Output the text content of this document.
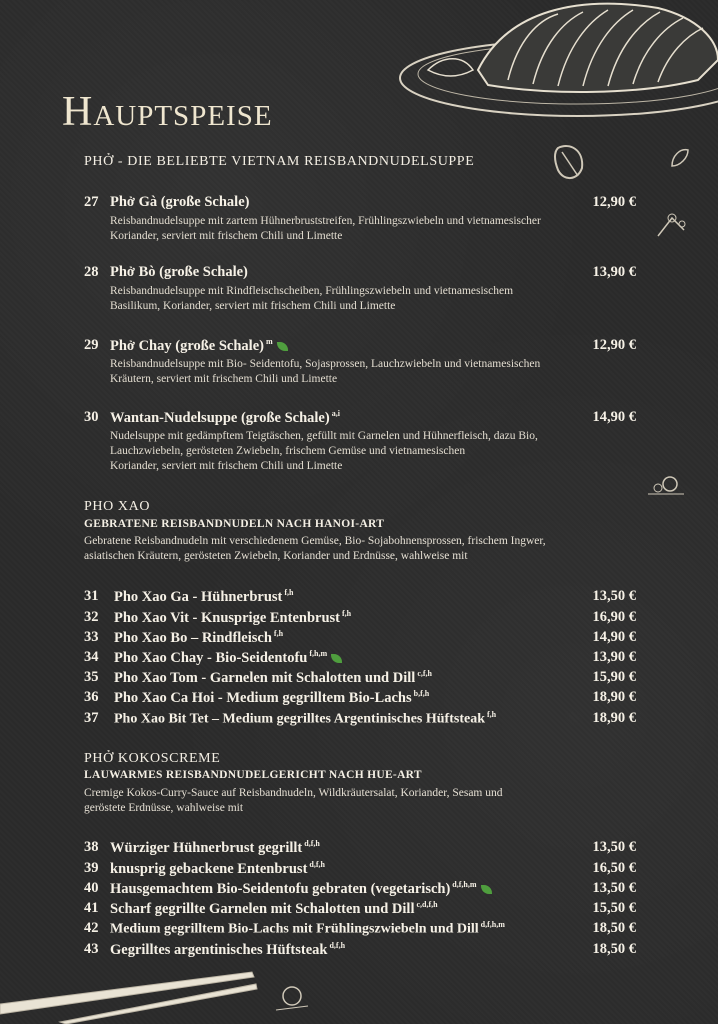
Hauptspeise
PHỞ - DIE BELIEBTE VIETNAM REISBANDNUDELSUPPE
27 Phở Gà (große Schale)	12,90 €
Reisbandnudelsuppe mit zartem Hühnerbruststreifen, Frühlingszwiebeln und vietnamesischer
Koriander, serviert mit frischem Chili und Limette
28 Phở Bò (große Schale)	13,90 €
Reisbandnudelsuppe mit Rindfleischscheiben, Frühlingszwiebeln und vietnamesischem
Basilikum, Koriander, serviert mit frischem Chili und Limette
29 Phở Chay (große Schale) $^m$	12,90 €
Reisbandnudelsuppe mit Bio- Seidentofu, Sojasprossen, Lauchzwiebeln und vietnamesischen
Kräutern, serviert mit frischem Chili und Limette
30 Wantan-Nudelsuppe (große Schale) $^{a,i}$	14,90 €
Nudelsuppe mit gedämpftem Teigtäschen, gefüllt mit Garnelen und Hühnerfleisch, dazu Bio,
Lauchzwiebeln, gerösteten Zwiebeln, frischem Gemüse und vietnamesischen
Koriander, serviert mit frischem Chili und Limette
PHO XAO
GEBRATENE REISBANDNUDELN NACH HANOI-ART
Gebratene Reisbandnudeln mit verschiedenem Gemüse, Bio- Sojabohnensprossen, frischem Ingwer,
asiatischen Kräutern, gerösteten Zwiebeln, Koriander und Erdnüsse, wahlweise mit
31 Pho Xao Ga - Hühnerbrust $^{f,h}$	13,50 €
32 Pho Xao Vit - Knusprige Entenbrust $^{f,h}$	16,90 €
33 Pho Xao Bo – Rindfleisch $^{f,h}$	14,90 €
34 Pho Xao Chay - Bio-Seidentofu $^{f,h,m}$	13,90 €
35 Pho Xao Tom - Garnelen mit Schalotten und Dill $^{c,f,h}$	15,90 €
36 Pho Xao Ca Hoi - Medium gegrilltem Bio-Lachs $^{b,f,h}$	18,90 €
37 Pho Xao Bit Tet – Medium gegrilltes Argentinisches Hüftsteak $^{f,h}$	18,90 €
PHỞ KOKOSCREME
LAUWARMES REISBANDNUDELGERICHT NACH HUE-ART
Cremige Kokos-Curry-Sauce auf Reisbandnudeln, Wildkräutersalat, Koriander, Sesam und
geröstete Erdnüsse, wahlweise mit
38 Würziger Hühnerbrust gegrillt $^{d,f,h}$	13,50 €
39 knusprig gebackene Entenbrust $^{d,f,h}$	16,50 €
40 Hausgemachtem Bio-Seidentofu gebraten (vegetarisch) $^{d,f,h,m}$	13,50 €
41 Scharf gegrillte Garnelen mit Schalotten und Dill $^{c,d,f,h}$	15,50 €
42 Medium gegrilltem Bio-Lachs mit Frühlingszwiebeln und Dill $^{d,f,h,m}$	18,50 €
43 Gegrilltes argentinisches Hüftsteak $^{d,f,h}$	18,50 €
